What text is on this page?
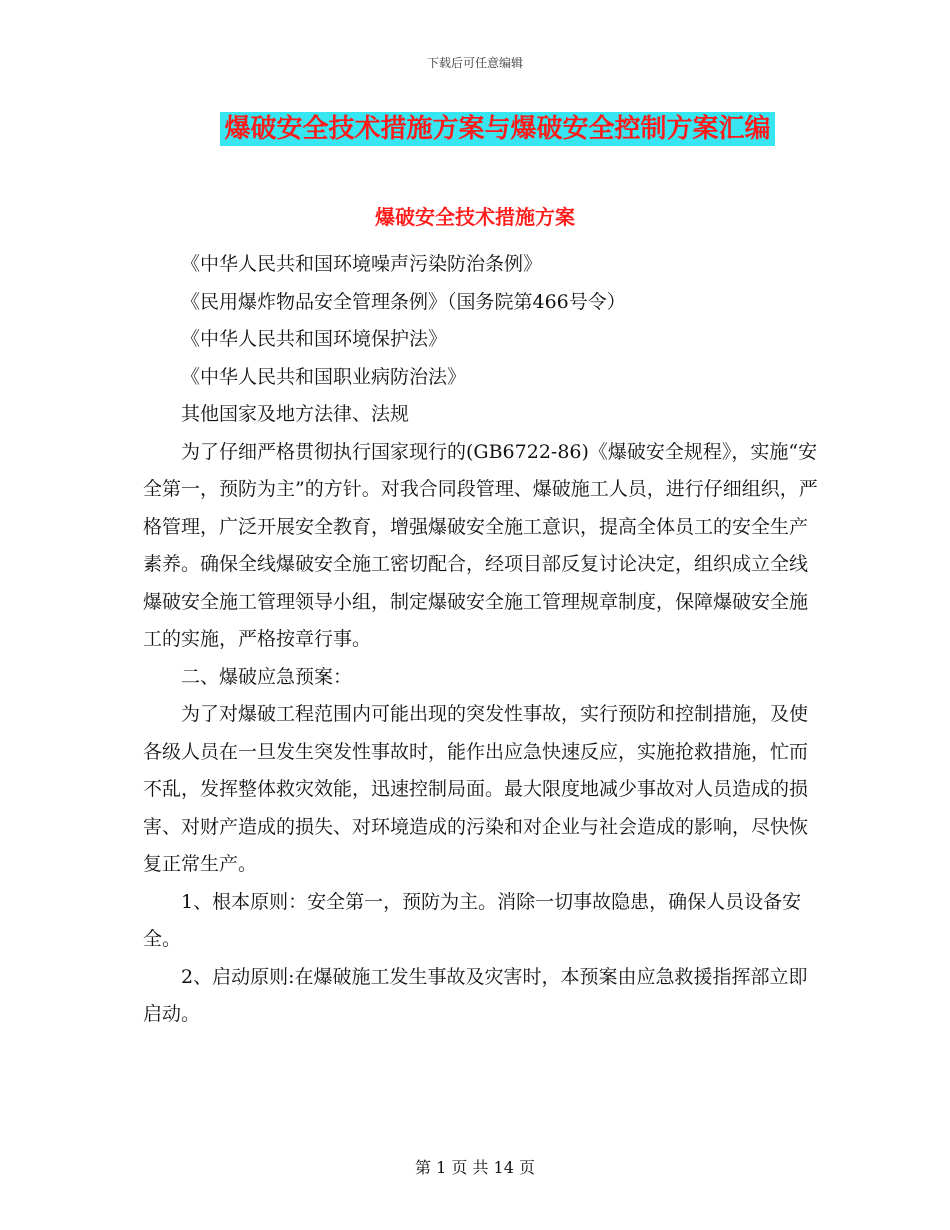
下载后可任意编辑
爆破安全技术措施方案与爆破安全控制方案汇编
爆破安全技术措施方案

《中华人民共和国环境噪声污染防治条例》

《民用爆炸物品安全管理条例》（国务院第466号令）

《中华人民共和国环境保护法》

《中华人民共和国职业病防治法》

其他国家及地方法律、法规

为了仔细严格贯彻执行国家现行的(GB6722-86)《爆破安全规程》，实施“安全第一，预防为主”的方针。对我合同段管理、爆破施工人员，进行仔细组织，严格管理，广泛开展安全教育，增强爆破安全施工意识，提高全体员工的安全生产素养。确保全线爆破安全施工密切配合，经项目部反复讨论决定，组织成立全线爆破安全施工管理领导小组，制定爆破安全施工管理规章制度，保障爆破安全施工的实施，严格按章行事。

二、爆破应急预案：

为了对爆破工程范围内可能出现的突发性事故，实行预防和控制措施，及使各级人员在一旦发生突发性事故时，能作出应急快速反应，实施抢救措施，忙而不乱，发挥整体救灾效能，迅速控制局面。最大限度地减少事故对人员造成的损害、对财产造成的损失、对环境造成的污染和对企业与社会造成的影响，尽快恢复正常生产。

1、根本原则：安全第一，预防为主。消除一切事故隐患，确保人员设备安全。

2、启动原则:在爆破施工发生事故及灾害时，本预案由应急救援指挥部立即启动。

第 1 页 共 14 页
